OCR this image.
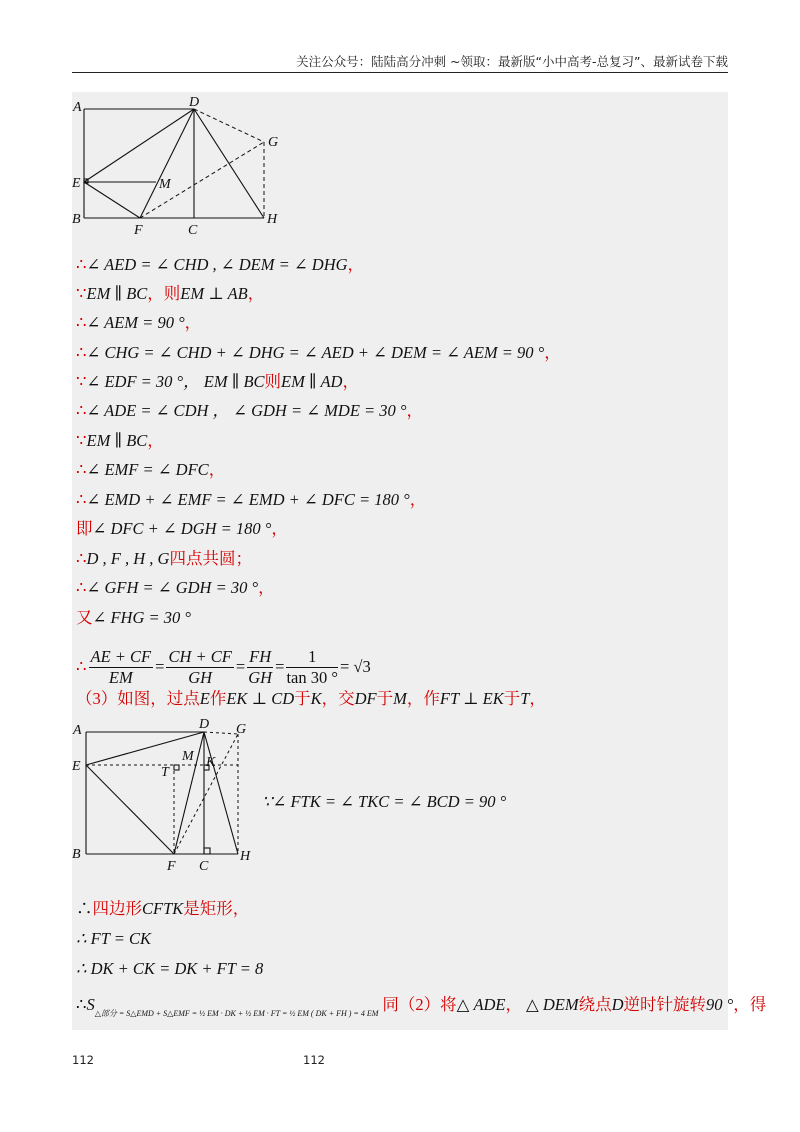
关注公众号：陆陆高分冲刺 ~领取：最新版“小中高考-总复习”、最新试卷下载
A	D
G
E	M
B
F	C
H
∴∠ AED = ∠ CHD , ∠ DEM = ∠ DHG，
∵EM ∥ BC，则EM ⊥ AB，
∴∠ AEM = 90 °，
∴∠ CHG = ∠ CHD + ∠ DHG = ∠ AED + ∠ DEM = ∠ AEM = 90 °，
∵∠ EDF = 30 °， EM ∥ BC则EM ∥ AD，
∴∠ ADE = ∠ CDH ， ∠ GDH = ∠ MDE = 30 °，
∵EM ∥ BC，
∴∠ EMF = ∠ DFC，
∴∠ EMD + ∠ EMF = ∠ EMD + ∠ DFC = 180 °，
即∠ DFC + ∠ DGH = 180 °，
∴D , F , H , G四点共圆；
∴∠ GFH = ∠ GDH = 30 °，
又∠ FHG = 30 °
∴ $\frac{AE + CF}{EM} = \frac{CH + CF}{GH} = \frac{FH}{GH} = \frac{1}{\tan 30 ^\circ} = √3$
（3）如图，过点E作EK ⊥ CD于K，交DF于M，作FT ⊥ EK于T，
A	D G
M
E	T
K
B
F C
H
∵∠ FTK = ∠ TKC = ∠ BCD = 90 °
∴四边形CFTK是矩形，
∴ FT = CK
∴ DK + CK = DK + FT = 8
$\therefore S_{\triangle 部分 = S\triangle EMD + S\triangle EMF = \frac{1}{2} EM \cdot DK + \frac{1}{2} EM \cdot FT = \frac{1}{2} EM ( DK + FH ) = 4 EM}$ 同（2）将△ ADE， △ DEM绕点D逆时针旋转90 °，得
112	112
